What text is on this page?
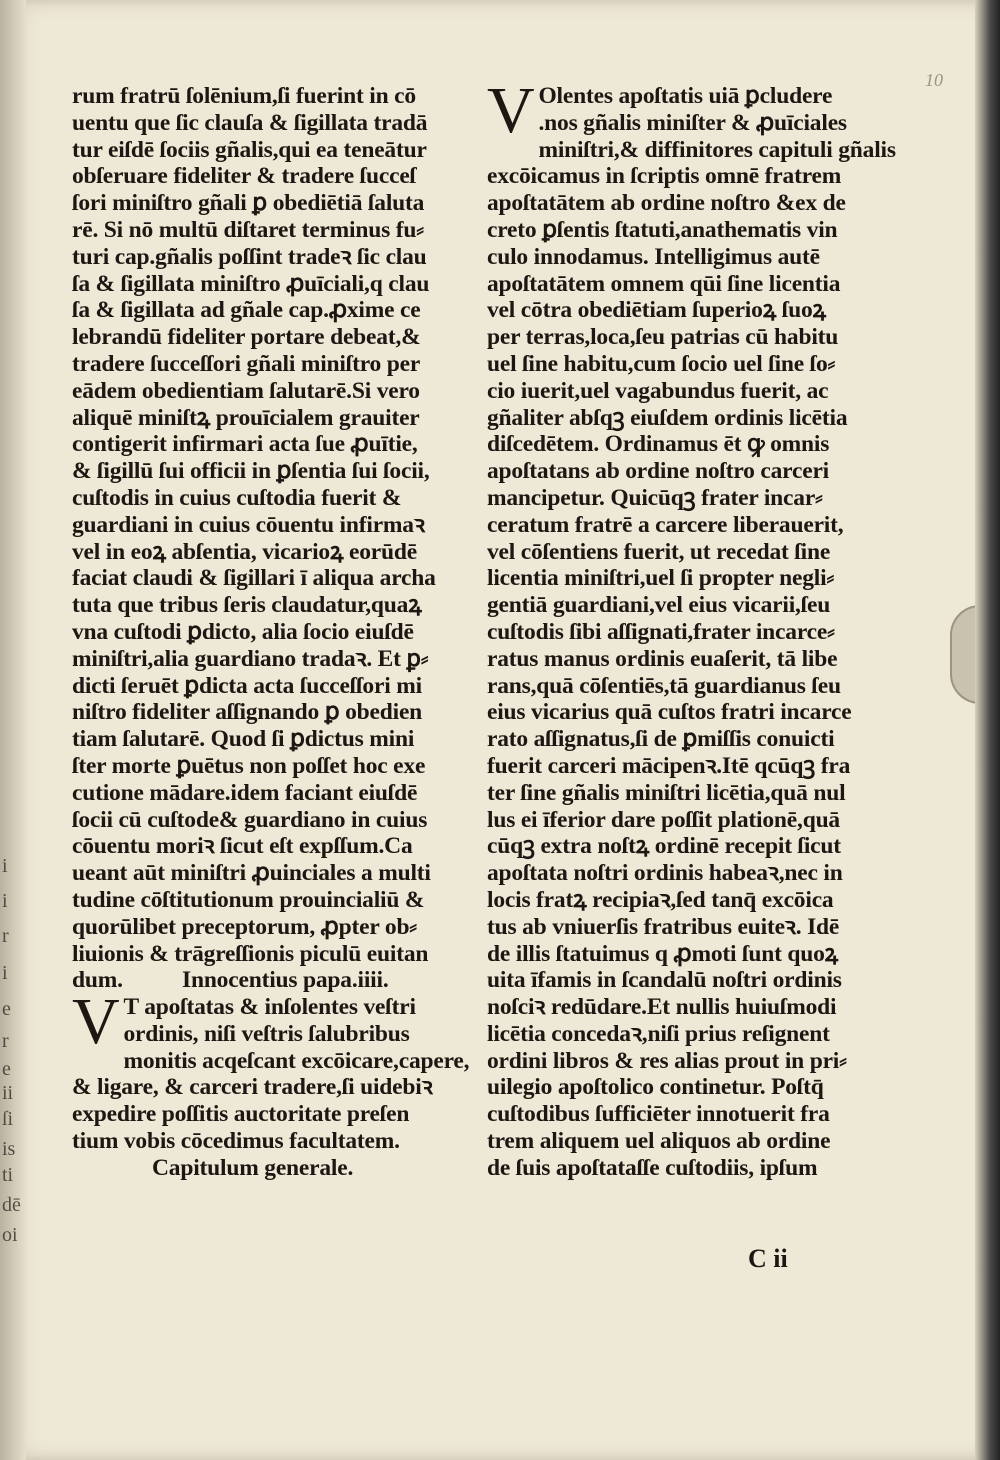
i
i
r
i
e
r
e
ii
ſi
is
ti
dē
oi
10
rum fratrū ſolēnium,ſi fuerint in cō
uentu que ſic clauſa & ſigillata tradā
tur eiſdē ſociis gñalis,qui ea teneātur
obſeruare fideliter & tradere ſucceſ
ſori miniſtro gñali ꝑ obediētiā ſaluta
rē. Si nō multū diſtaret terminus fu⸗
turi cap.gñalis poſſint tradeꝛ ſic clau
ſa & ſigillata miniſtro ꝓuīciali,q clau
ſa & ſigillata ad gñale cap.ꝓxime ce
lebrandū fideliter portare debeat,&
tradere ſucceſſori gñali miniſtro per
eādem obedientiam ſalutarē.Si vero
aliquē miniſtꝝ prouīcialem grauiter
contigerit infirmari acta ſue ꝓuītie,
& ſigillū ſui officii in ꝑſentia ſui ſocii,
cuſtodis in cuius cuſtodia fuerit &
guardiani in cuius cōuentu infirmaꝛ
vel in eoꝝ abſentia, vicarioꝝ eorūdē
faciat claudi & ſigillari ī aliqua archa
tuta que tribus ſeris claudatur,quaꝝ
vna cuſtodi ꝑdicto, alia ſocio eiuſdē
miniſtri,alia guardiano tradaꝛ. Et ꝑ⸗
dicti ſeruēt ꝑdicta acta ſucceſſori mi
niſtro fideliter aſſignando ꝑ obedien
tiam ſalutarē. Quod ſi ꝑdictus mini
ſter morte ꝑuētus non poſſet hoc exe
cutione mādare.idem faciant eiuſdē
ſocii cū cuſtode& guardiano in cuius
cōuentu moriꝛ ſicut eſt expſſum.Ca
ueant aūt miniſtri ꝓuinciales a multi
tudine cōſtitutionum prouincialiū &
quorūlibet preceptorum, ꝓpter ob⸗
liuionis & trāgreſſionis piculū euitan
dum.	Innocentius papa.iiii.
V T apoſtatas & inſolentes veſtri
ordinis, niſi veſtris ſalubribus
monitis acqeſcant excōicare,capere,
& ligare, & carceri tradere,ſi uidebiꝛ
expedire poſſitis auctoritate preſen
tium vobis cōcedimus facultatem.
Capitulum generale.
V Olentes apoſtatis uiā ꝑcludere
.nos gñalis miniſter & ꝓuīciales
miniſtri,& diffinitores capituli gñalis
excōicamus in ſcriptis omnē fratrem
apoſtatātem ab ordine noſtro &ex de
creto ꝑſentis ſtatuti,anathematis vin
culo innodamus. Intelligimus autē
apoſtatātem omnem qūi ſine licentia
vel cōtra obediētiam ſuperioꝝ ſuoꝝ
per terras,loca,ſeu patrias cū habitu
uel ſine habitu,cum ſocio uel ſine ſo⸗
cio iuerit,uel vagabundus fuerit, ac
gñaliter abſqꝫ eiuſdem ordinis licētia
diſcedētem. Ordinamus ēt ꝙ omnis
apoſtatans ab ordine noſtro carceri
mancipetur. Quicūqꝫ frater incar⸗
ceratum fratrē a carcere liberauerit,
vel cōſentiens fuerit, ut recedat ſine
licentia miniſtri,uel ſi propter negli⸗
gentiā guardiani,vel eius vicarii,ſeu
cuſtodis ſibi aſſignati,frater incarce⸗
ratus manus ordinis euaſerit, tā libe
rans,quā cōſentiēs,tā guardianus ſeu
eius vicarius quā cuſtos fratri incarce
rato aſſignatus,ſi de ꝑmiſſis conuicti
fuerit carceri mācipenꝛ.Itē qcūqꝫ fra
ter ſine gñalis miniſtri licētia,quā nul
lus ei īferior dare poſſit plationē,quā
cūqꝫ extra noſtꝝ ordinē recepit ſicut
apoſtata noſtri ordinis habeaꝛ,nec in
locis fratꝝ recipiaꝛ,ſed tanq̄ excōica
tus ab vniuerſis fratribus euiteꝛ. Idē
de illis ſtatuimus q ꝓmoti ſunt quoꝝ
uita īfamis in ſcandalū noſtri ordinis
noſciꝛ redūdare.Et nullis huiuſmodi
licētia concedaꝛ,niſi prius reſignent
ordini libros & res alias prout in pri⸗
uilegio apoſtolico continetur. Poſtq̄
cuſtodibus ſufficiēter innotuerit fra
trem aliquem uel aliquos ab ordine
de ſuis apoſtataſſe cuſtodiis, ipſum
C ii
